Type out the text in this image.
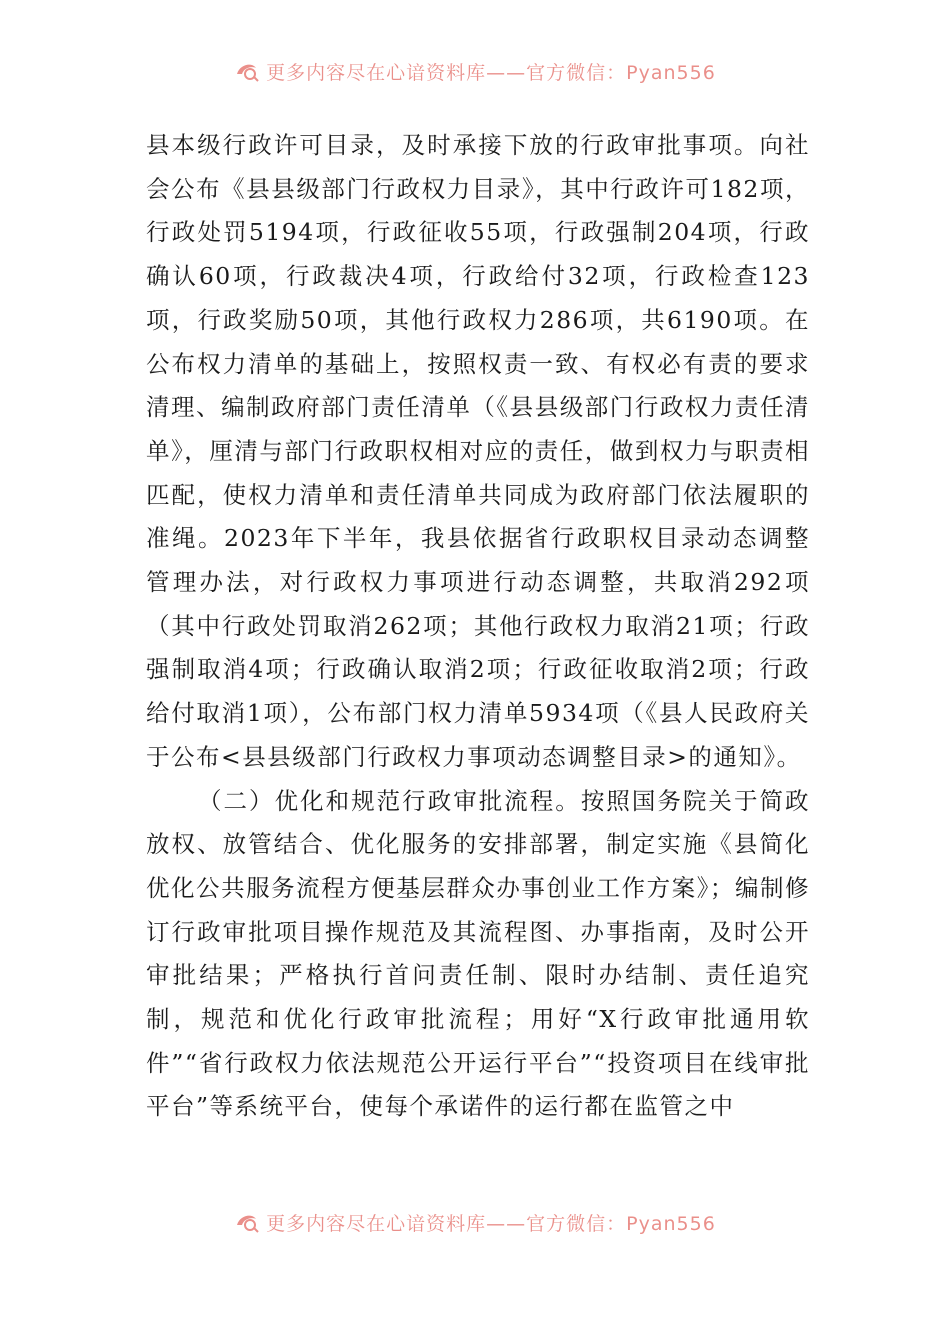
更多内容尽在心谙资料库——官方微信：Pyan556

县本级行政许可目录，及时承接下放的行政审批事项。向社会公布《县县级部门行政权力目录》，其中行政许可182项，行政处罚5194项，行政征收55项，行政强制204项，行政确认60项，行政裁决4项，行政给付32项，行政检查123项，行政奖励50项，其他行政权力286项，共6190项。在公布权力清单的基础上，按照权责一致、有权必有责的要求清理、编制政府部门责任清单（《县县级部门行政权力责任清单》，厘清与部门行政职权相对应的责任，做到权力与职责相匹配，使权力清单和责任清单共同成为政府部门依法履职的准绳。2023年下半年，我县依据省行政职权目录动态调整管理办法，对行政权力事项进行动态调整，共取消292项（其中行政处罚取消262项；其他行政权力取消21项；行政强制取消4项；行政确认取消2项；行政征收取消2项；行政给付取消1项），公布部门权力清单5934项（《县人民政府关于公布<县县级部门行政权力事项动态调整目录>的通知》。

（二）优化和规范行政审批流程。按照国务院关于简政放权、放管结合、优化服务的安排部署，制定实施《县简化优化公共服务流程方便基层群众办事创业工作方案》；编制修订行政审批项目操作规范及其流程图、办事指南，及时公开审批结果；严格执行首问责任制、限时办结制、责任追究制，规范和优化行政审批流程；用好“X行政审批通用软件”“省行政权力依法规范公开运行平台”“投资项目在线审批平台”等系统平台，使每个承诺件的运行都在监管之中

更多内容尽在心谙资料库——官方微信：Pyan556
